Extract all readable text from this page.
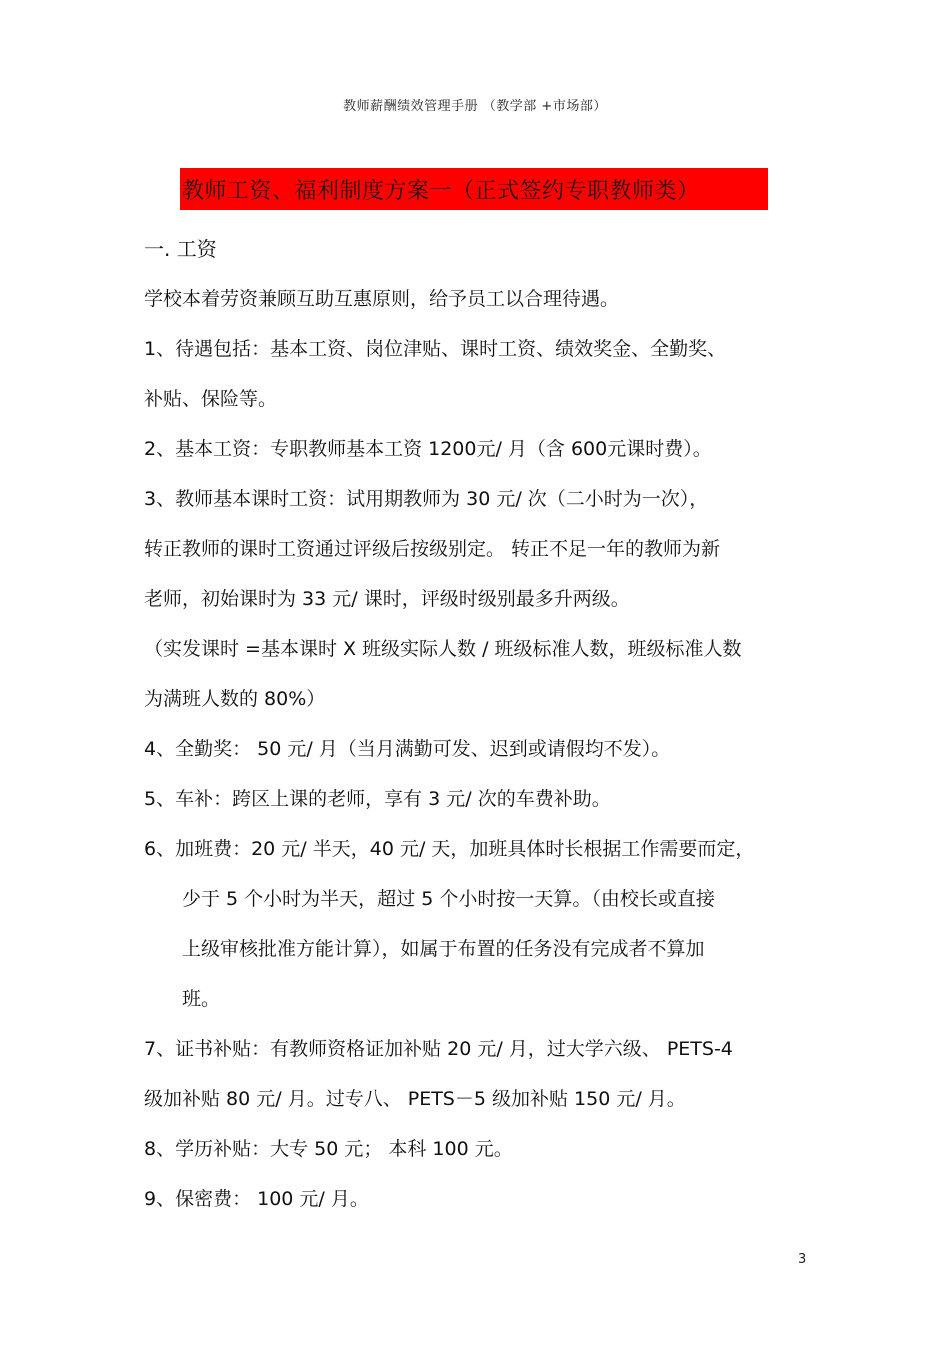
教师薪酬绩效管理手册 （教学部 +市场部）
教师工资、福利制度方案一（正式签约专职教师类）
一. 工资
学校本着劳资兼顾互助互惠原则，给予员工以合理待遇。
1、待遇包括：基本工资、岗位津贴、课时工资、绩效奖金、全勤奖、
补贴、保险等。
2、基本工资：专职教师基本工资 1200元/ 月（含 600元课时费）。
3、教师基本课时工资：试用期教师为 30 元/ 次（二小时为一次），
转正教师的课时工资通过评级后按级别定。 转正不足一年的教师为新
老师，初始课时为 33 元/ 课时，评级时级别最多升两级。
（实发课时 =基本课时 X 班级实际人数 / 班级标准人数，班级标准人数
为满班人数的 80%）
4、全勤奖： 50 元/ 月（当月满勤可发、迟到或请假均不发）。
5、车补：跨区上课的老师，享有 3 元/ 次的车费补助。
6、加班费：20 元/ 半天，40 元/ 天，加班具体时长根据工作需要而定，
少于 5 个小时为半天，超过 5 个小时按一天算。（由校长或直接
上级审核批准方能计算），如属于布置的任务没有完成者不算加
班。
7、证书补贴：有教师资格证加补贴 20 元/ 月，过大学六级、 PETS-4
级加补贴 80 元/ 月。过专八、 PETS－5 级加补贴 150 元/ 月。
8、学历补贴：大专 50 元； 本科 100 元。
9、保密费： 100 元/ 月。
3
